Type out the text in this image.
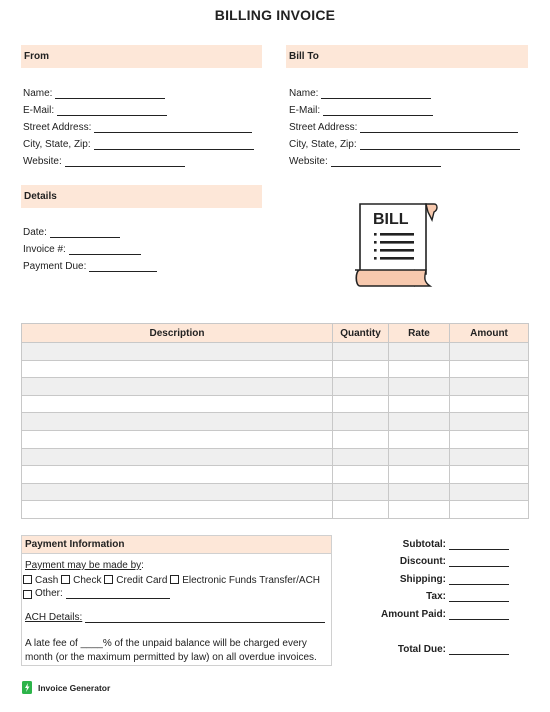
BILLING INVOICE
From
Name:
E-Mail:
Street Address:
City, State, Zip:
Website:
Bill To
Name:
E-Mail:
Street Address:
City, State, Zip:
Website:
Details
Date:
Invoice #:
Payment Due:
BILL
Description	Quantity	Rate	Amount

Payment Information
Payment may be made by:
Cash Check Credit Card Electronic Funds Transfer/ACH
Other:
ACH Details:
A late fee of ____% of the unpaid balance will be charged every
month (or the maximum permitted by law) on all overdue invoices.
Subtotal:
Discount:
Shipping:
Tax:
Amount Paid:
Total Due:
Invoice Generator
